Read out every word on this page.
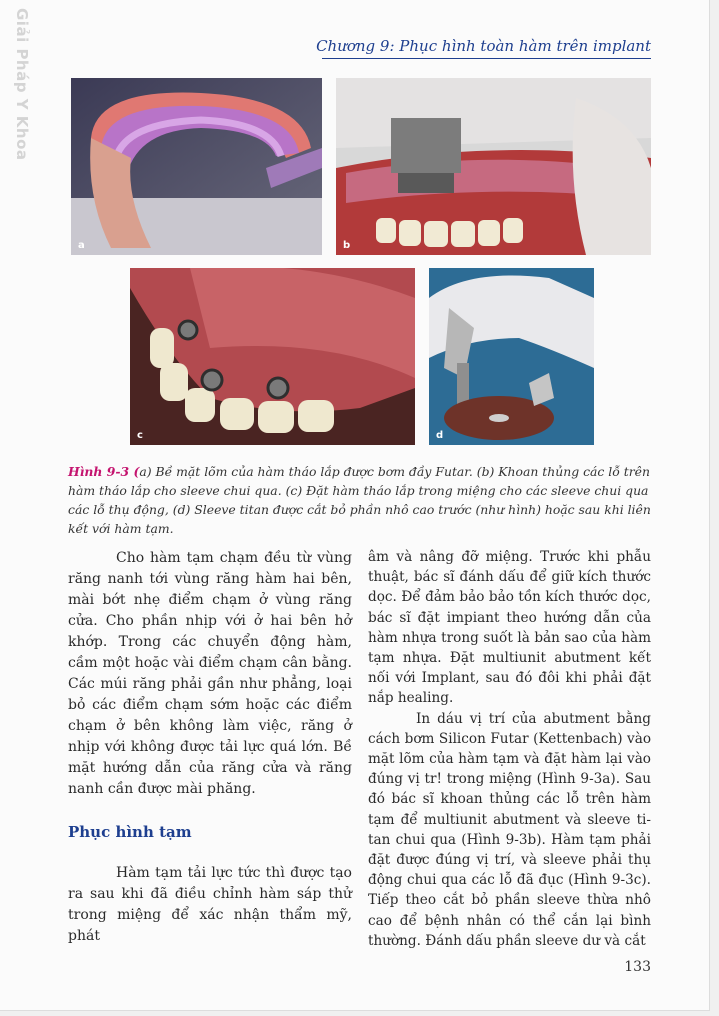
Giải Pháp Y Khoa	Chương 9: Phục hình toàn hàm trên implant
a	b
c	d
Hình 9-3 (a) Bề mặt lõm của hàm tháo lắp được bơm đầy Futar. (b) Khoan thủng các lỗ trên hàm tháo lắp cho sleeve chui qua. (c) Đặt hàm tháo lắp trong miệng cho các sleeve chui qua các lỗ thụ động, (d) Sleeve titan được cắt bỏ phần nhô cao trước (như hình) hoặc sau khi liên kết với hàm tạm.

Cho hàm tạm chạm đều từ vùng răng nanh tới vùng răng hàm hai bên, mài bớt nhẹ điểm chạm ở vùng răng cửa. Cho phần nhịp với ở hai bên hở khớp. Trong các chuyển động hàm, cầm một hoặc vài điểm chạm cân bằng. Các múi răng phải gần như phẳng, loại bỏ các điểm chạm sớm hoặc các điểm chạm ở bên không làm việc, răng ở nhịp với không được tải lực quá lớn. Bề mặt hướng dẫn của răng cửa và răng nanh cần được mài phăng.

Phục hình tạm

Hàm tạm tải lực tức thì được tạo ra sau khi đã điều chỉnh hàm sáp thử trong miệng để xác nhận thẩm mỹ, phát

âm và nâng đỡ miệng. Trước khi phẫu thuật, bác sĩ đánh dấu để giữ kích thước dọc. Để đảm bảo bảo tồn kích thước dọc, bác sĩ đặt impiant theo hướng dẫn của hàm nhựa trong suốt là bản sao của hàm tạm nhựa. Đặt multiunit abutment kết nối với Implant, sau đó đôi khi phải đặt nắp healing.

In dáu vị trí của abutment bằng cách bơm Silicon Futar (Kettenbach) vào mặt lõm của hàm tạm và đặt hàm lại vào đúng vị tr! trong miệng (Hình 9-3a). Sau đó bác sĩ khoan thủng các lỗ trên hàm tạm để multiunit abutment và sleeve ti-tan chui qua (Hình 9-3b). Hàm tạm phải đặt được đúng vị trí, và sleeve phải thụ động chui qua các lỗ đã đục (Hình 9-3c). Tiếp theo cắt bỏ phần sleeve thừa nhô cao để bệnh nhân có thể cắn lại bình thường. Đánh dấu phần sleeve dư và cắt

133
